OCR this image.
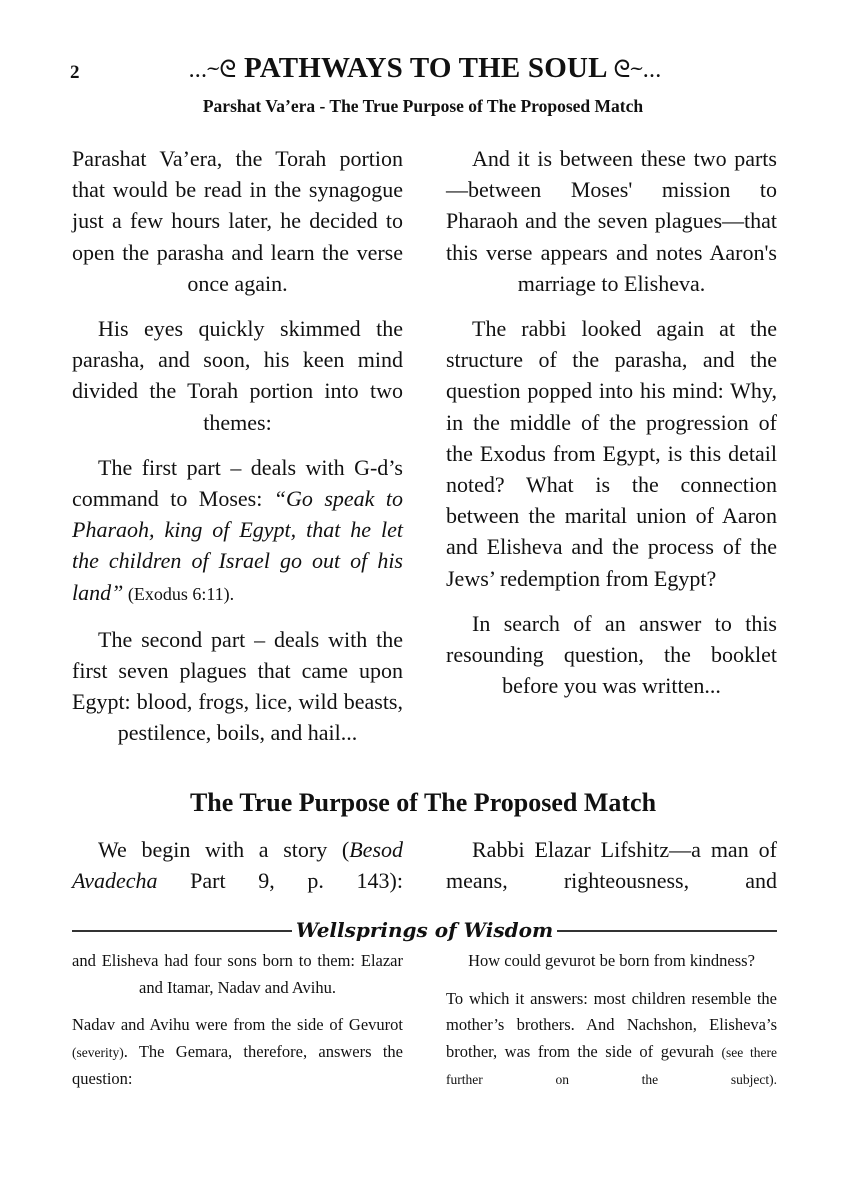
2	...⁓ᘓ PATHWAYS TO THE SOUL ᘓ⁓...
Parshat Va’era - The True Purpose of The Proposed Match

Parashat Va’era, the Torah portion that would be read in the synagogue just a few hours later, he decided to open the parasha and learn the verse once again.

His eyes quickly skimmed the parasha, and soon, his keen mind divided the Torah portion into two themes:

The first part – deals with G-d’s command to Moses: “Go speak to Pharaoh, king of Egypt, that he let the children of Israel go out of his land” (Exodus 6:11).

The second part – deals with the first seven plagues that came upon Egypt: blood, frogs, lice, wild beasts, pestilence, boils, and hail...

And it is between these two parts—between Moses' mission to Pharaoh and the seven plagues—that this verse appears and notes Aaron's marriage to Elisheva.

The rabbi looked again at the structure of the parasha, and the question popped into his mind: Why, in the middle of the progression of the Exodus from Egypt, is this detail noted? What is the connection between the marital union of Aaron and Elisheva and the process of the Jews’ redemption from Egypt?

In search of an answer to this resounding question, the booklet before you was written...

The True Purpose of The Proposed Match

We begin with a story (Besod Avadecha Part 9, p. 143):

Rabbi Elazar Lifshitz—a man of means, righteousness, and

Wellsprings of Wisdom

and Elisheva had four sons born to them: Elazar and Itamar, Nadav and Avihu.

Nadav and Avihu were from the side of Gevurot (severity). The Gemara, therefore, answers the question:

How could gevurot be born from kindness?

To which it answers: most children resemble the mother’s brothers. And Nachshon, Elisheva’s brother, was from the side of gevurah (see there further on the subject).
